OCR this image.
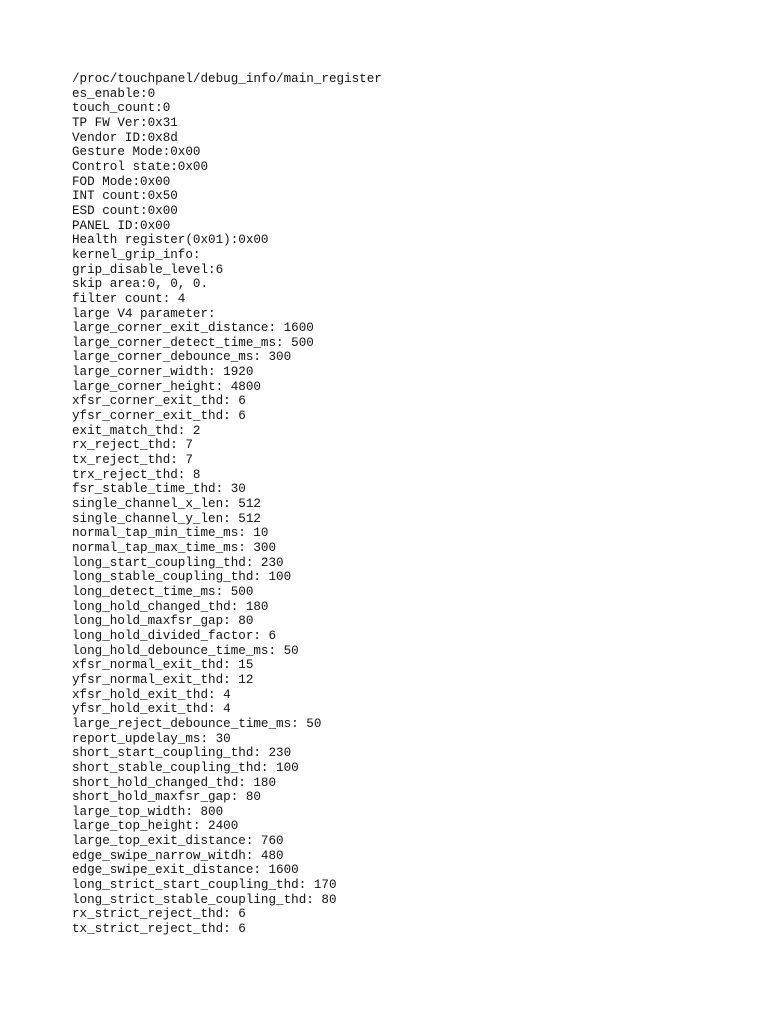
/proc/touchpanel/debug_info/main_register
es_enable:0
touch_count:0
TP FW Ver:0x31
Vendor ID:0x8d
Gesture Mode:0x00
Control state:0x00
FOD Mode:0x00
INT count:0x50
ESD count:0x00
PANEL ID:0x00
Health register(0x01):0x00
kernel_grip_info:
grip_disable_level:6
skip area:0, 0, 0.
filter count: 4
large V4 parameter:
large_corner_exit_distance: 1600
large_corner_detect_time_ms: 500
large_corner_debounce_ms: 300
large_corner_width: 1920
large_corner_height: 4800
xfsr_corner_exit_thd: 6
yfsr_corner_exit_thd: 6
exit_match_thd: 2
rx_reject_thd: 7
tx_reject_thd: 7
trx_reject_thd: 8
fsr_stable_time_thd: 30
single_channel_x_len: 512
single_channel_y_len: 512
normal_tap_min_time_ms: 10
normal_tap_max_time_ms: 300
long_start_coupling_thd: 230
long_stable_coupling_thd: 100
long_detect_time_ms: 500
long_hold_changed_thd: 180
long_hold_maxfsr_gap: 80
long_hold_divided_factor: 6
long_hold_debounce_time_ms: 50
xfsr_normal_exit_thd: 15
yfsr_normal_exit_thd: 12
xfsr_hold_exit_thd: 4
yfsr_hold_exit_thd: 4
large_reject_debounce_time_ms: 50
report_updelay_ms: 30
short_start_coupling_thd: 230
short_stable_coupling_thd: 100
short_hold_changed_thd: 180
short_hold_maxfsr_gap: 80
large_top_width: 800
large_top_height: 2400
large_top_exit_distance: 760
edge_swipe_narrow_witdh: 480
edge_swipe_exit_distance: 1600
long_strict_start_coupling_thd: 170
long_strict_stable_coupling_thd: 80
rx_strict_reject_thd: 6
tx_strict_reject_thd: 6
